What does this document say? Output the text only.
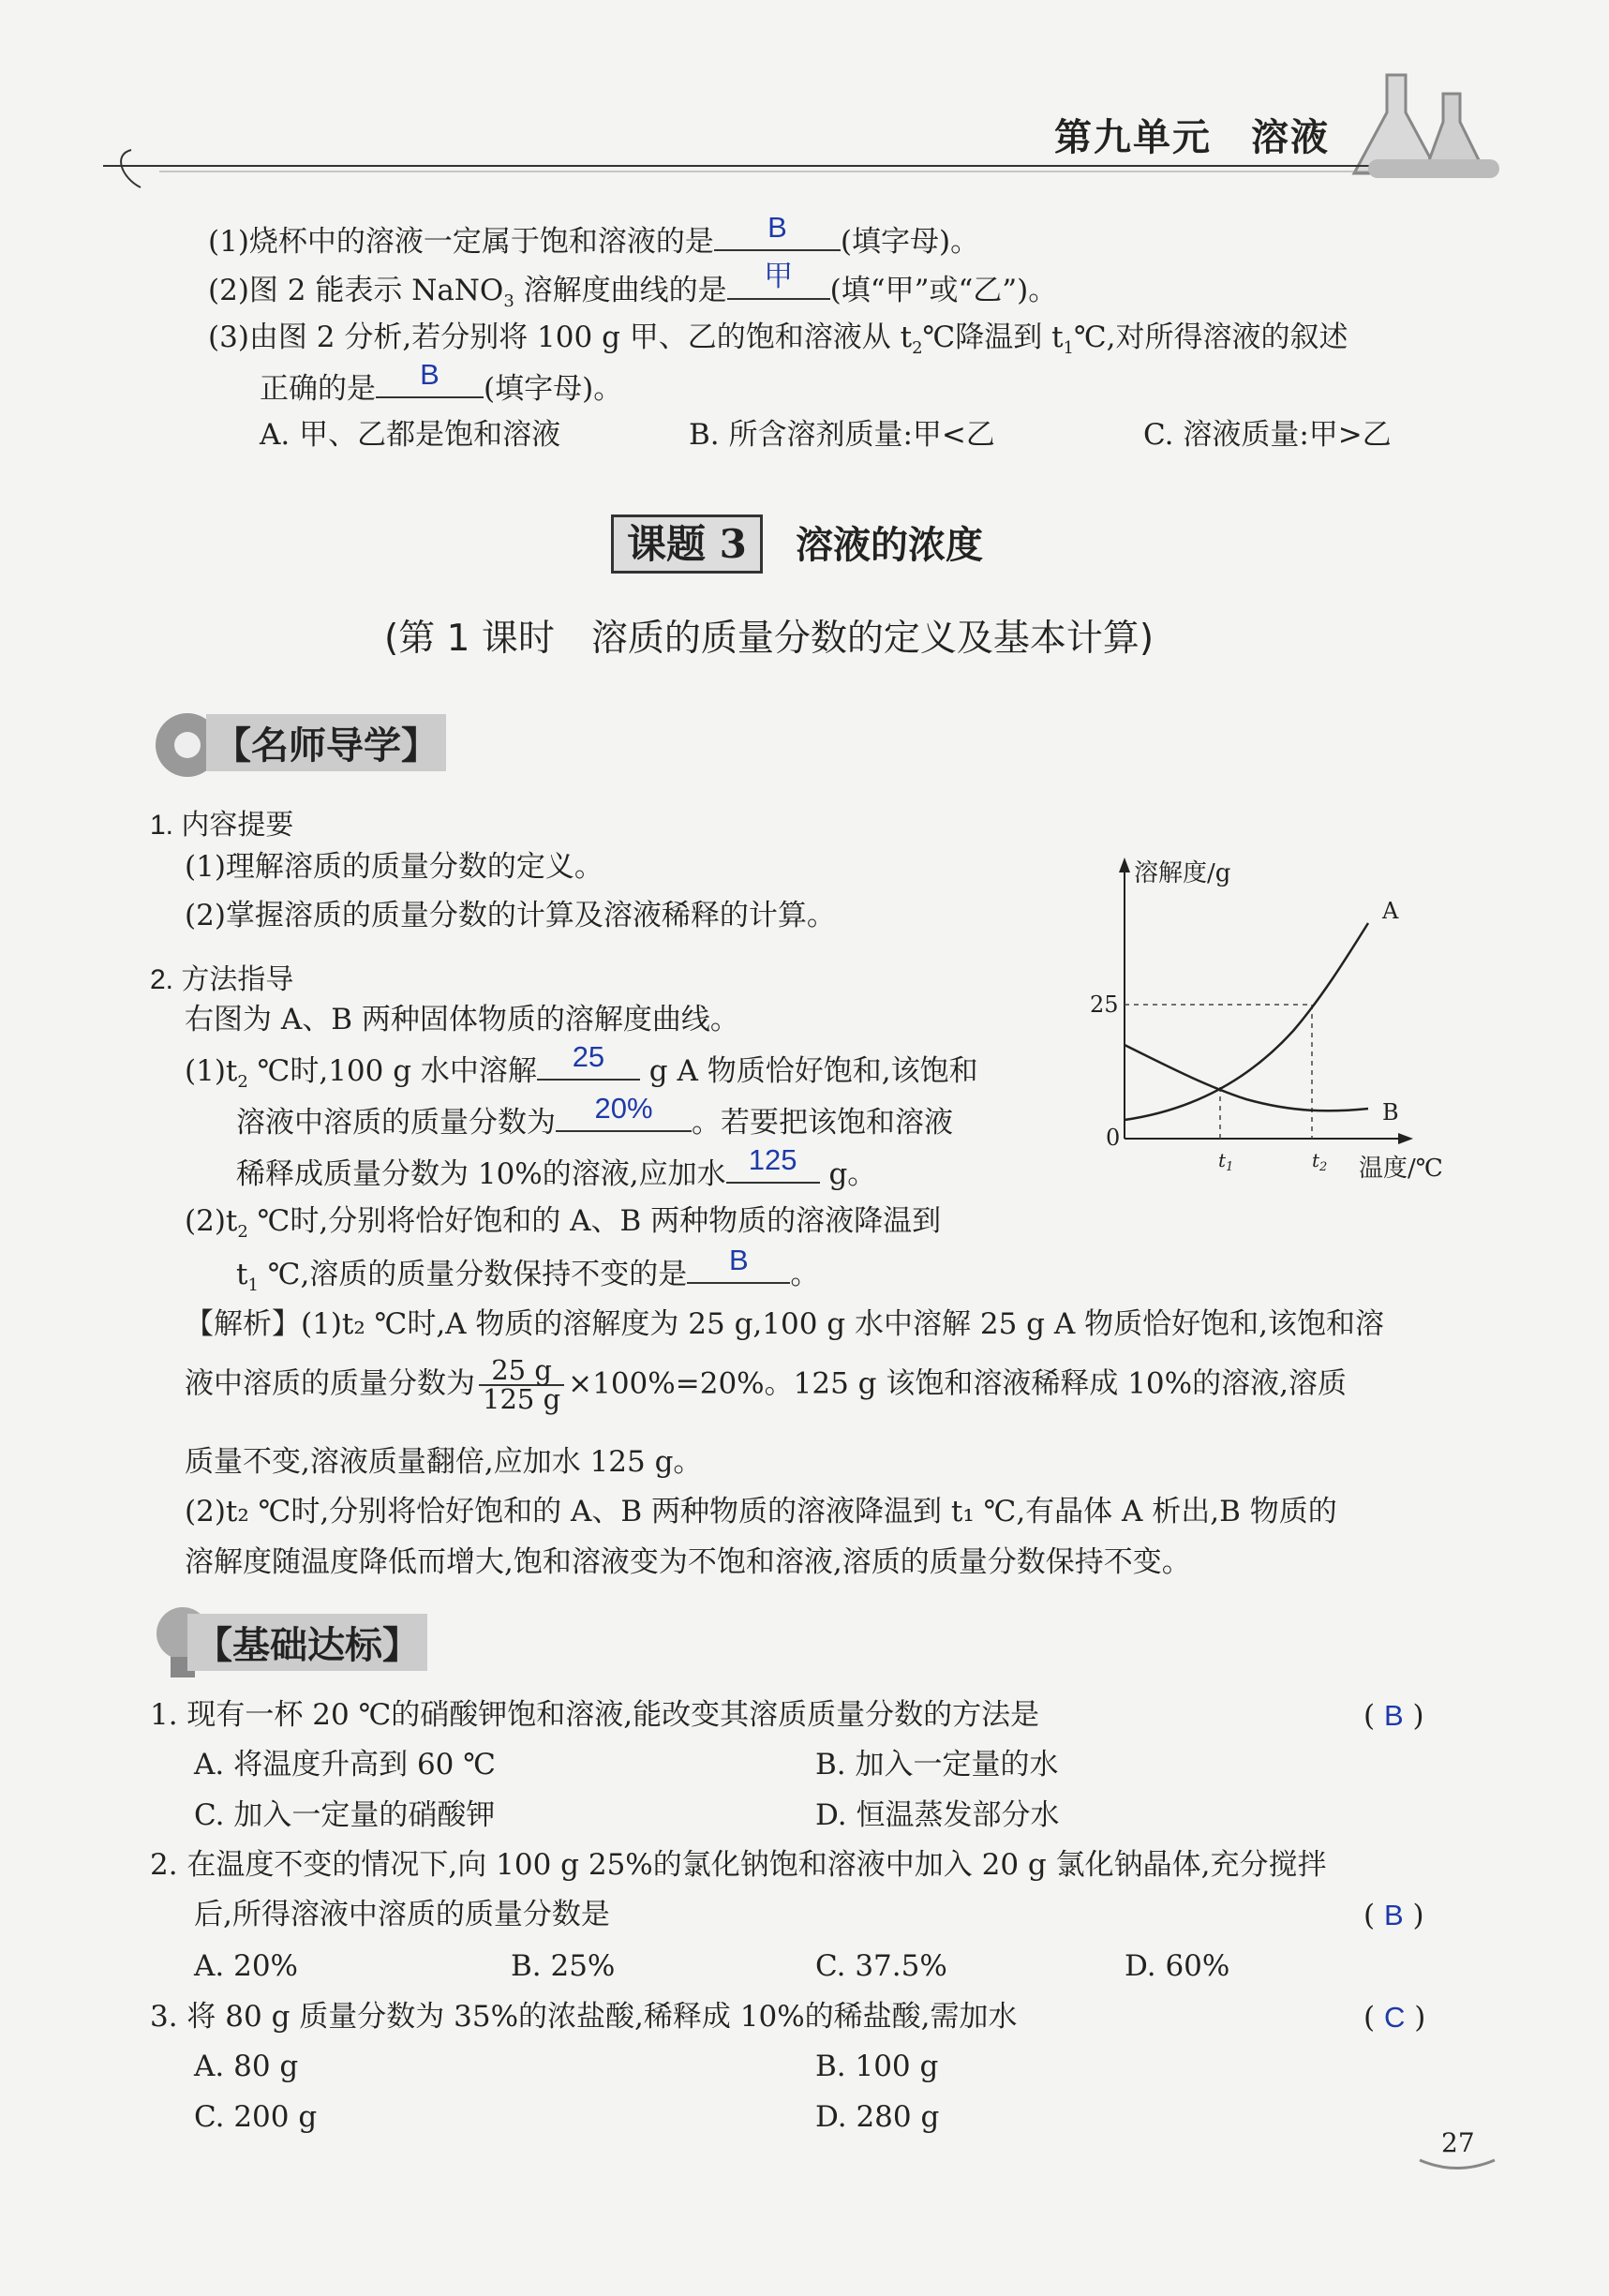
第九单元　溶液
(1)烧杯中的溶液一定属于饱和溶液的是	B	(填字母)。
(2)图 2 能表示 NaNO$_3$ 溶解度曲线的是	甲	(填“甲”或“乙”)。
(3)由图 2 分析,若分别将 100 g 甲、乙的饱和溶液从 $t_2℃$降温到 $t_1℃$,对所得溶液的叙述
正确的是	B	(填字母)。
A. 甲、乙都是饱和溶液	B. 所含溶剂质量:甲<乙	C. 溶液质量:甲>乙
课题 3 溶液的浓度
(第 1 课时　溶质的质量分数的定义及基本计算)
【名师导学】
1. 内容提要
(1)理解溶质的质量分数的定义。
(2)掌握溶质的质量分数的计算及溶液稀释的计算。
2. 方法指导
右图为 A、B 两种固体物质的溶解度曲线。
$(1)t_2$ ℃时,100 g 水中溶解	25	g A 物质恰好饱和,该饱和
溶液中溶质的质量分数为	20%	。若要把该饱和溶液
稀释成质量分数为 10%的溶液,应加水 125 g。
$(2)t_2$ ℃时,分别将恰好饱和的 A、B 两种物质的溶液降温到
$t_1$ ℃,溶质的质量分数保持不变的是	B	。
溶解度/g
温度/℃
25
0
$t_1$	$t_2$
A
B
【解析】(1)t₂ ℃时,A 物质的溶解度为 25 g,100 g 水中溶解 25 g A 物质恰好饱和,该饱和溶
液中溶质的质量分数为 $\frac{25 g}{125 g} \times 100\%=20\%$。125 g 该饱和溶液稀释成 10%的溶液,溶质
质量不变,溶液质量翻倍,应加水 125 g。
(2)t₂ ℃时,分别将恰好饱和的 A、B 两种物质的溶液降温到 t₁ ℃,有晶体 A 析出,B 物质的
溶解度随温度降低而增大,饱和溶液变为不饱和溶液,溶质的质量分数保持不变。
【基础达标】
1. 现有一杯 20 ℃的硝酸钾饱和溶液,能改变其溶质质量分数的方法是	( B )
A. 将温度升高到 60 ℃	B. 加入一定量的水
C. 加入一定量的硝酸钾	D. 恒温蒸发部分水
2. 在温度不变的情况下,向 100 g 25%的氯化钠饱和溶液中加入 20 g 氯化钠晶体,充分搅拌
后,所得溶液中溶质的质量分数是	( B )
A. 20%	B. 25%	C. 37.5%	D. 60%
3. 将 80 g 质量分数为 35%的浓盐酸,稀释成 10%的稀盐酸,需加水	( C )
A. 80 g	B. 100 g
C. 200 g	D. 280 g
27
